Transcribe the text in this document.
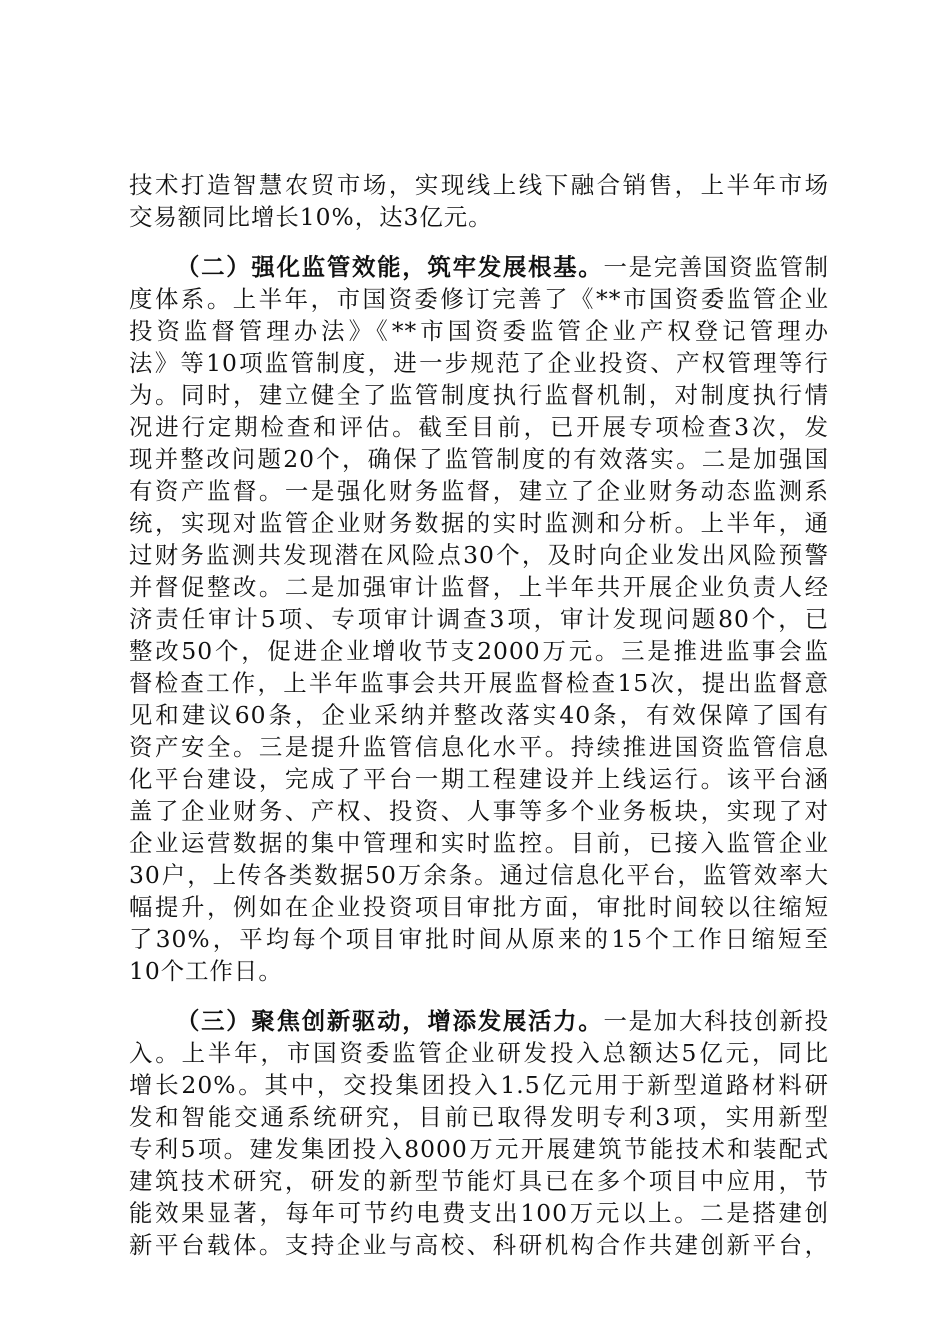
技术打造智慧农贸市场，实现线上线下融合销售，上半年市场
交易额同比增长10%，达3亿元。
（二）强化监管效能，筑牢发展根基。一是完善国资监管制
度体系。上半年，市国资委修订完善了《**市国资委监管企业
投资监督管理办法》《**市国资委监管企业产权登记管理办
法》等10项监管制度，进一步规范了企业投资、产权管理等行
为。同时，建立健全了监管制度执行监督机制，对制度执行情
况进行定期检查和评估。截至目前，已开展专项检查3次，发
现并整改问题20个，确保了监管制度的有效落实。二是加强国
有资产监督。一是强化财务监督，建立了企业财务动态监测系
统，实现对监管企业财务数据的实时监测和分析。上半年，通
过财务监测共发现潜在风险点30个，及时向企业发出风险预警
并督促整改。二是加强审计监督，上半年共开展企业负责人经
济责任审计5项、专项审计调查3项，审计发现问题80个，已
整改50个，促进企业增收节支2000万元。三是推进监事会监
督检查工作，上半年监事会共开展监督检查15次，提出监督意
见和建议60条，企业采纳并整改落实40条，有效保障了国有
资产安全。三是提升监管信息化水平。持续推进国资监管信息
化平台建设，完成了平台一期工程建设并上线运行。该平台涵
盖了企业财务、产权、投资、人事等多个业务板块，实现了对
企业运营数据的集中管理和实时监控。目前，已接入监管企业
30户，上传各类数据50万余条。通过信息化平台，监管效率大
幅提升，例如在企业投资项目审批方面，审批时间较以往缩短
了30%，平均每个项目审批时间从原来的15个工作日缩短至
10个工作日。
（三）聚焦创新驱动，增添发展活力。一是加大科技创新投
入。上半年，市国资委监管企业研发投入总额达5亿元，同比
增长20%。其中，交投集团投入1.5亿元用于新型道路材料研
发和智能交通系统研究，目前已取得发明专利3项，实用新型
专利5项。建发集团投入8000万元开展建筑节能技术和装配式
建筑技术研究，研发的新型节能灯具已在多个项目中应用，节
能效果显著，每年可节约电费支出100万元以上。二是搭建创
新平台载体。支持企业与高校、科研机构合作共建创新平台，
